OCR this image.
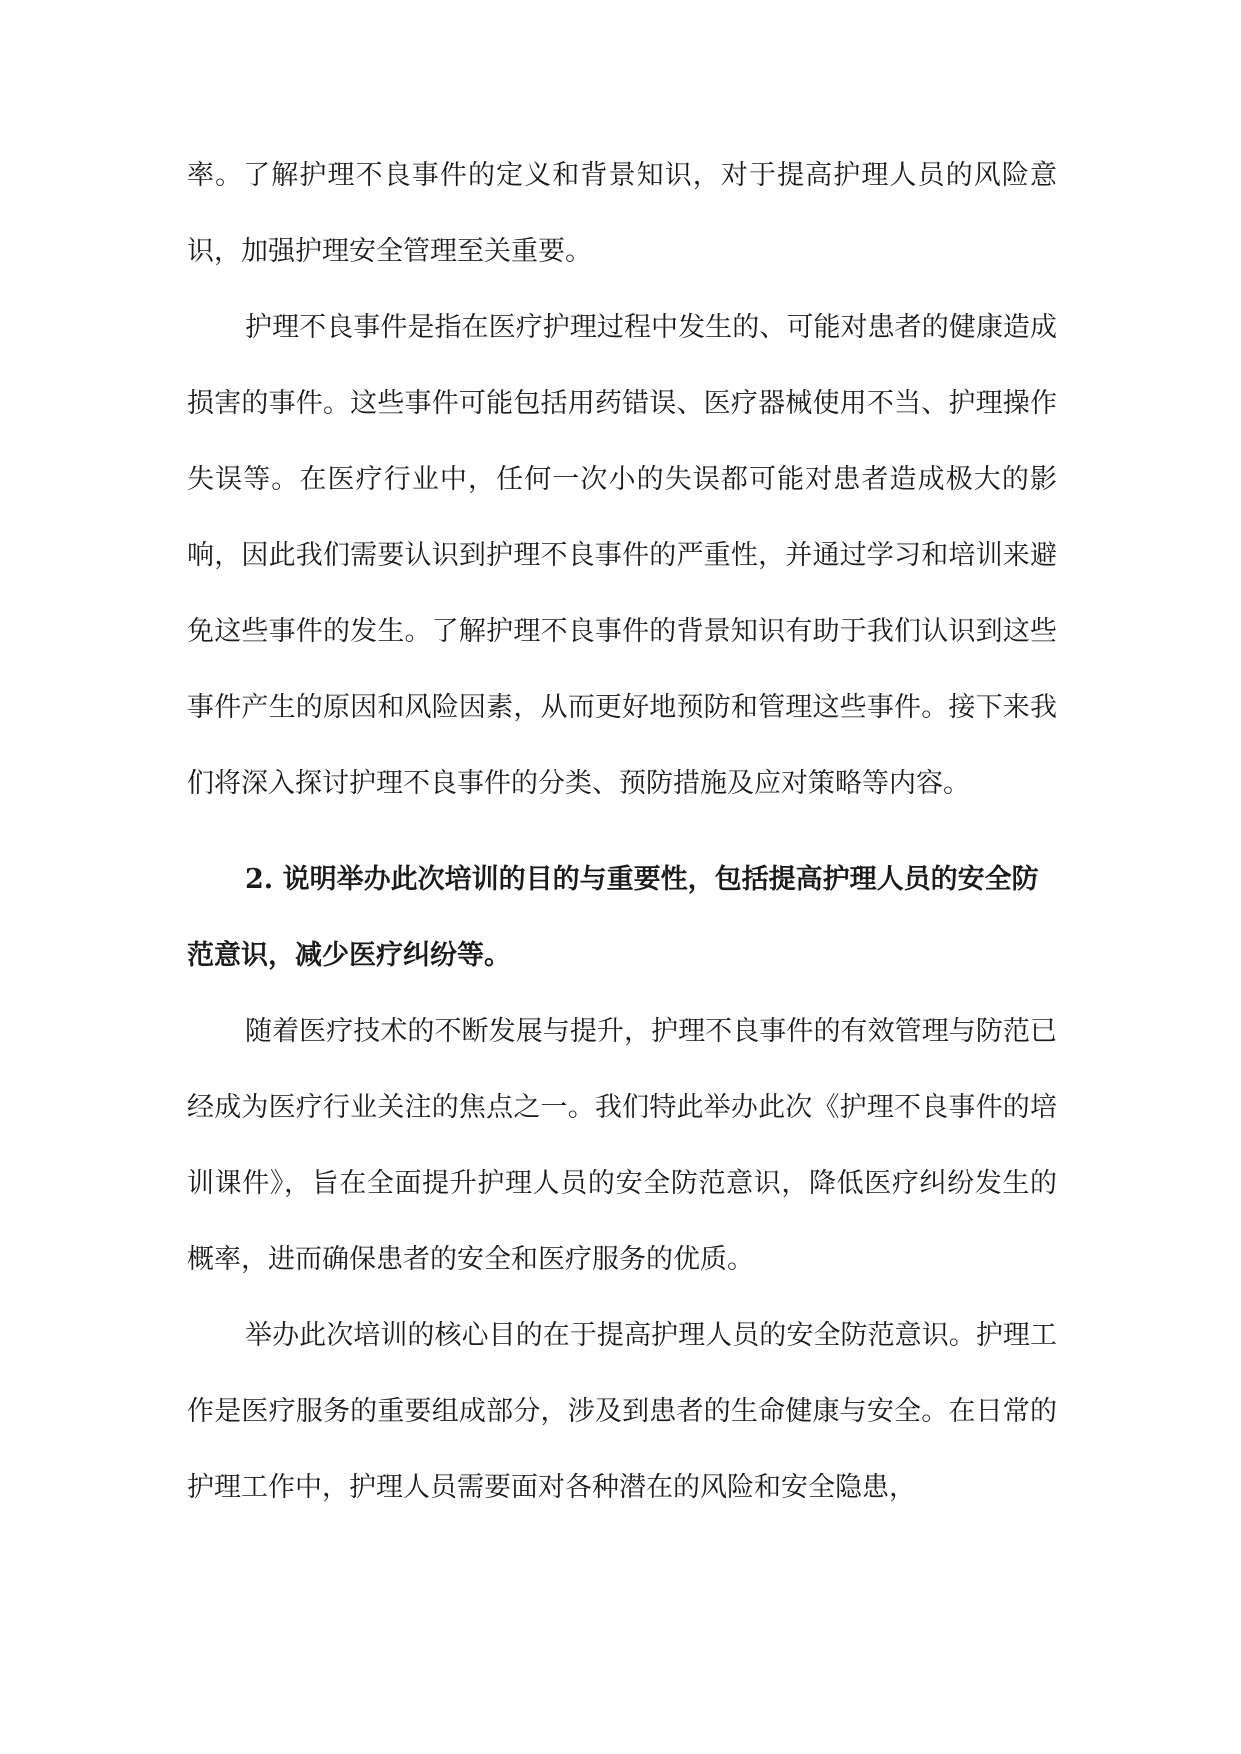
率。了解护理不良事件的定义和背景知识，对于提高护理人员的风险意识，加强护理安全管理至关重要。

护理不良事件是指在医疗护理过程中发生的、可能对患者的健康造成损害的事件。这些事件可能包括用药错误、医疗器械使用不当、护理操作失误等。在医疗行业中，任何一次小的失误都可能对患者造成极大的影响，因此我们需要认识到护理不良事件的严重性，并通过学习和培训来避免这些事件的发生。了解护理不良事件的背景知识有助于我们认识到这些事件产生的原因和风险因素，从而更好地预防和管理这些事件。接下来我们将深入探讨护理不良事件的分类、预防措施及应对策略等内容。

2. 说明举办此次培训的目的与重要性，包括提高护理人员的安全防范意识，减少医疗纠纷等。

随着医疗技术的不断发展与提升，护理不良事件的有效管理与防范已经成为医疗行业关注的焦点之一。我们特此举办此次《护理不良事件的培训课件》，旨在全面提升护理人员的安全防范意识，降低医疗纠纷发生的概率，进而确保患者的安全和医疗服务的优质。

举办此次培训的核心目的在于提高护理人员的安全防范意识。护理工作是医疗服务的重要组成部分，涉及到患者的生命健康与安全。在日常的护理工作中，护理人员需要面对各种潜在的风险和安全隐患，
